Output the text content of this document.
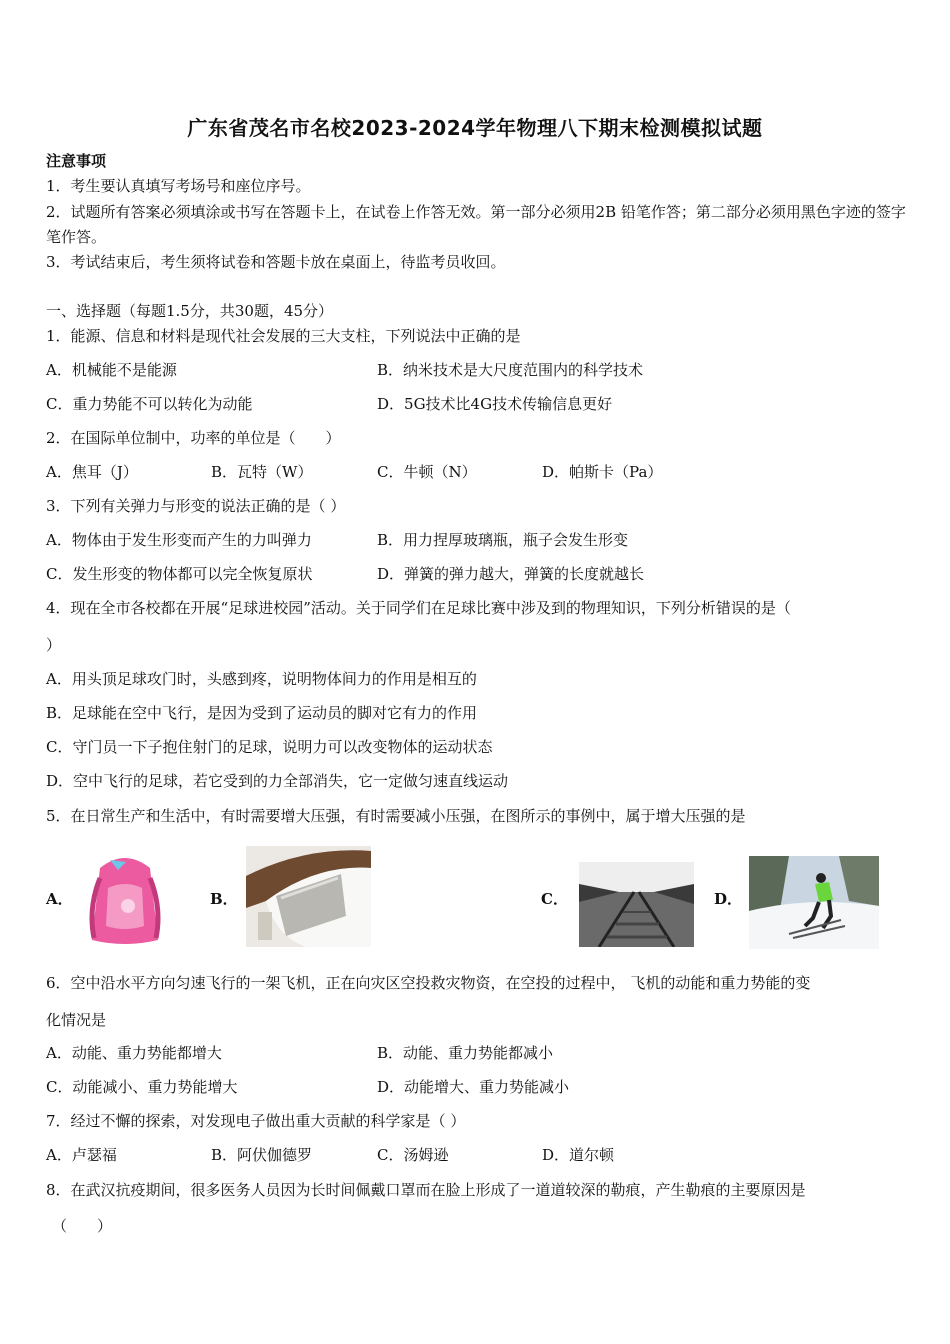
广东省茂名市名校2023-2024学年物理八下期末检测模拟试题
注意事项
1．考生要认真填写考场号和座位序号。
2．试题所有答案必须填涂或书写在答题卡上，在试卷上作答无效。第一部分必须用2B 铅笔作答；第二部分必须用黑色字迹的签字笔作答。
3．考试结束后，考生须将试卷和答题卡放在桌面上，待监考员收回。
一、选择题（每题1.5分，共30题，45分）
1．能源、信息和材料是现代社会发展的三大支柱，下列说法中正确的是
A．机械能不是能源	B．纳米技术是大尺度范围内的科学技术
C．重力势能不可以转化为动能	D．5G技术比4G技术传输信息更好
2．在国际单位制中，功率的单位是（　　）
A．焦耳（J）	B．瓦特（W）	C．牛顿（N）	D．帕斯卡（Pa）
3．下列有关弹力与形变的说法正确的是（ ）
A．物体由于发生形变而产生的力叫弹力	B．用力捏厚玻璃瓶，瓶子会发生形变
C．发生形变的物体都可以完全恢复原状	D．弹簧的弹力越大，弹簧的长度就越长
4．现在全市各校都在开展“足球进校园”活动。关于同学们在足球比赛中涉及到的物理知识，下列分析错误的是（
）
A．用头顶足球攻门时，头感到疼，说明物体间力的作用是相互的
B．足球能在空中飞行，是因为受到了运动员的脚对它有力的作用
C．守门员一下子抱住射门的足球，说明力可以改变物体的运动状态
D．空中飞行的足球，若它受到的力全部消失，它一定做匀速直线运动
5．在日常生产和生活中，有时需要增大压强，有时需要减小压强，在图所示的事例中，属于增大压强的是
A．	B．	C．	D．
6．空中沿水平方向匀速飞行的一架飞机，正在向灾区空投救灾物资，在空投的过程中， 飞机的动能和重力势能的变
化情况是
A．动能、重力势能都增大	B．动能、重力势能都减小
C．动能减小、重力势能增大	D．动能增大、重力势能减小
7．经过不懈的探索，对发现电子做出重大贡献的科学家是（ ）
A．卢瑟福	B．阿伏伽德罗	C．汤姆逊	D．道尔顿
8．在武汉抗疫期间，很多医务人员因为长时间佩戴口罩而在脸上形成了一道道较深的勒痕，产生勒痕的主要原因是
（　　）
